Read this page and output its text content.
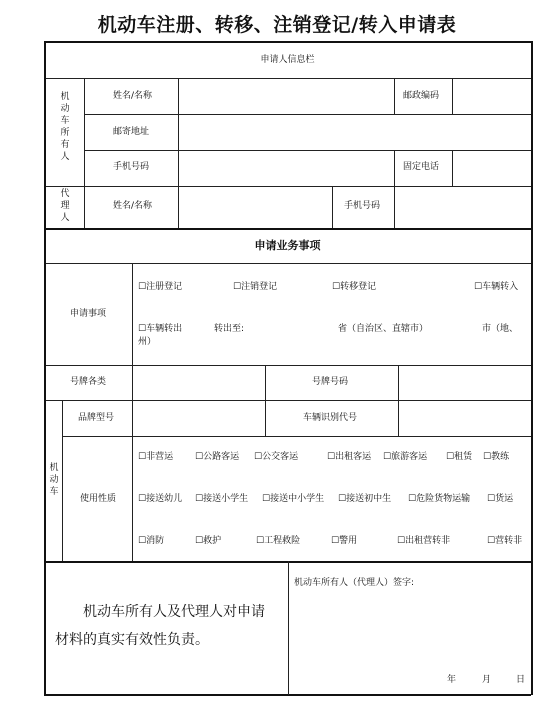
机动车注册、转移、注销登记/转入申请表
申请人信息栏
机动车所有人
姓名/名称	邮政编码
邮寄地址
手机号码	固定电话
代理人
姓名/名称	手机号码
申请业务事项
申请事项
☐注册登记	☐注销登记	☐转移登记	☐车辆转入
☐车辆转出	转出至:	省（自治区、直辖市）	市（地、
州）
号牌各类	号牌号码
机动车
品牌型号	车辆识别代号
使用性质
☐非营运 ☐公路客运 ☐公交客运	☐出租客运 ☐旅游客运 ☐租赁 ☐教练
☐接送幼儿 ☐接送小学生 ☐接送中小学生 ☐接送初中生 ☐危险货物运输 ☐货运
☐消防	☐救护	☐工程救险	☐警用	☐出租营转非	☐营转非
机动车所有人及代理人对申请材料的真实有效性负责。
机动车所有人（代理人）签字:
年	月	日
